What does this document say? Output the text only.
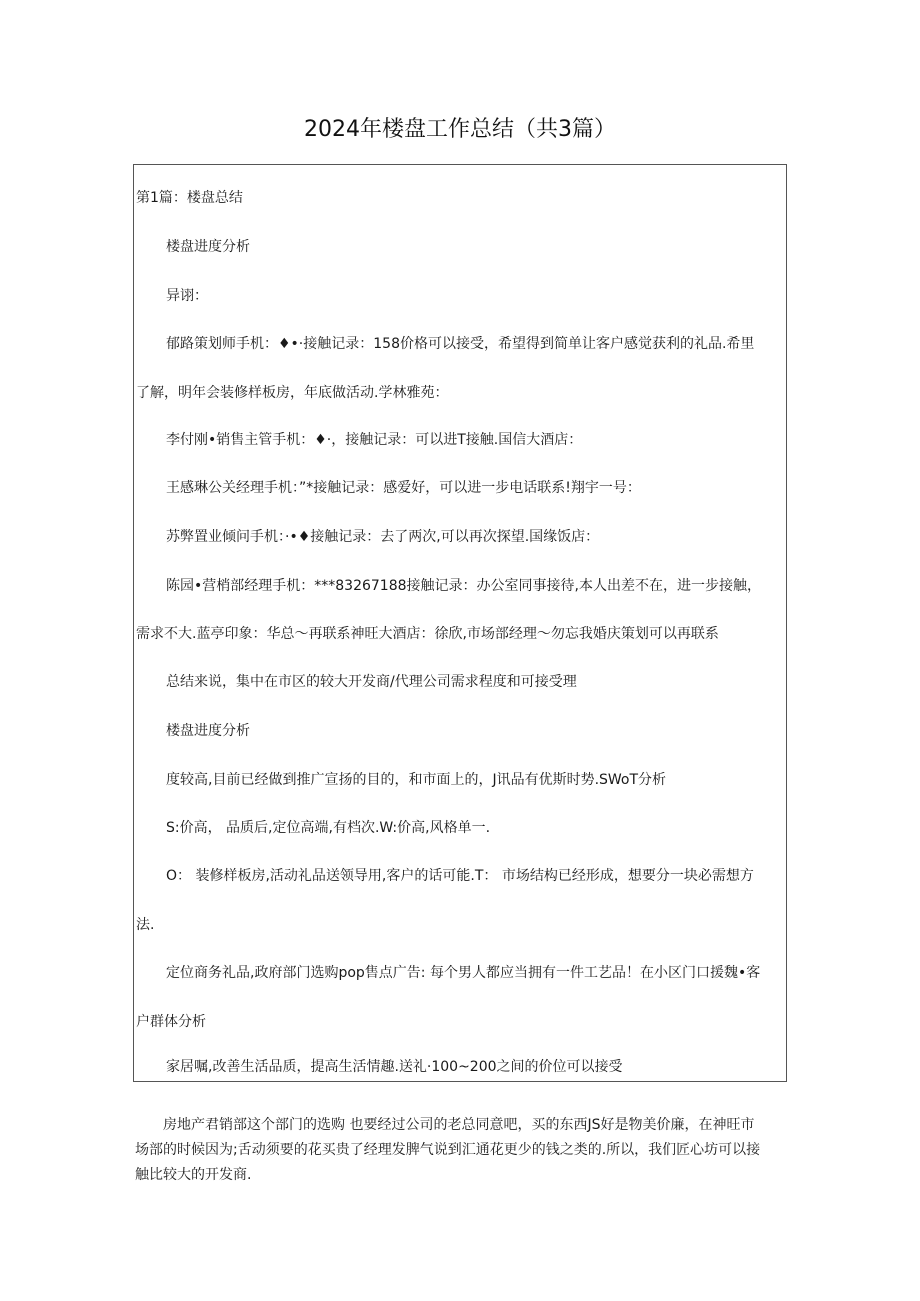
2024年楼盘工作总结（共3篇）
第1篇：楼盘总结
楼盘进度分析
异诩：
郁路策划师手机：♦•·接触记录：158价格可以接受，希望得到简单让客户感觉获利的礼品.希里
了解，明年会装修样板房，年底做活动.学林雅苑：
李付刚•销售主管手机：♦·，接触记录：可以进T接触.国信大酒店：
王感琳公关经理手机：”*接触记录：感爱好，可以进一步电话联系!翔宇一号：
苏弊置业倾问手机：·•♦接触记录：去了两次,可以再次探望.国缘饭店：
陈园•营梢部经理手机：***83267188接触记录：办公室同事接待,本人出差不在，进一步接触，
需求不大.蓝亭印象：华总～再联系神旺大酒店：徐欣,市场部经理～勿忘我婚庆策划可以再联系
总结来说，集中在市区的较大开发商/代理公司需求程度和可接受理
楼盘进度分析
度较高,目前已经做到推广宣扬的目的，和市面上的，J讯品有优斯时势.SWoT分析
S:价高， 品质后,定位高端,有档次.W:价高,风格单一.
O： 装修样板房,活动礼品送领导用,客户的话可能.T： 市场结构已经形成，想要分一块必需想方
法.
定位商务礼品,政府部门选购pop售点广告: 每个男人都应当拥有一件工艺品！在小区门口援魏•客
户群体分析
家居嘱,改善生活品质，提高生活情趣.送礼·100~200之间的价位可以接受
房地产君销部这个部门的选购 也要经过公司的老总同意吧，买的东西JS好是物美价廉，在神旺市
场部的时候因为;舌动须要的花买贵了经理发脾气说到汇通花更少的钱之类的.所以，我们匠心坊可以接
触比较大的开发商.
